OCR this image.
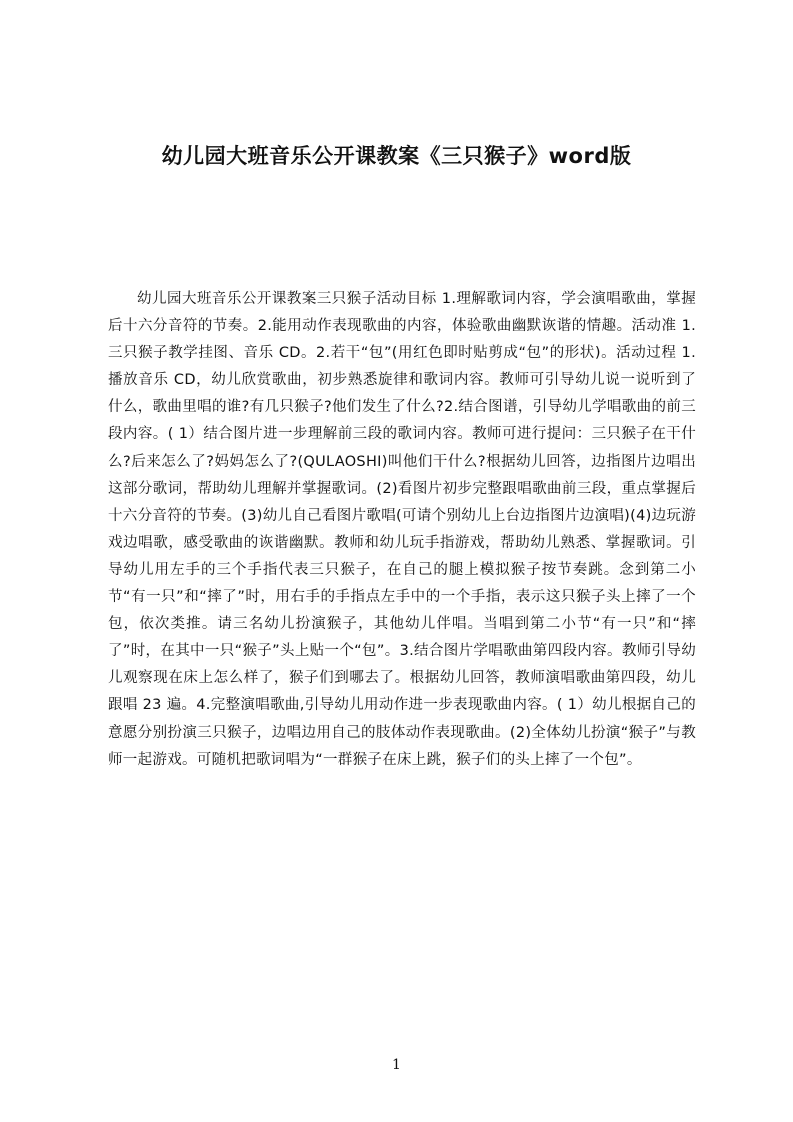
幼儿园大班音乐公开课教案《三只猴子》word版

幼儿园大班音乐公开课教案三只猴子活动目标 1.理解歌词内容，学会演唱歌曲，掌握后十六分音符的节奏。2.能用动作表现歌曲的内容，体验歌曲幽默诙谐的情趣。活动准 1.三只猴子教学挂图、音乐 CD。2.若干“包”(用红色即时贴剪成“包”的形状)。活动过程 1.播放音乐 CD，幼儿欣赏歌曲，初步熟悉旋律和歌词内容。教师可引导幼儿说一说听到了什么，歌曲里唱的谁?有几只猴子?他们发生了什么?2.结合图谱，引导幼儿学唱歌曲的前三段内容。( 1）结合图片进一步理解前三段的歌词内容。教师可进行提问：三只猴子在干什么?后来怎么了?妈妈怎么了?(QULAOSHI)叫他们干什么?根据幼儿回答，边指图片边唱出这部分歌词，帮助幼儿理解并掌握歌词。(2)看图片初步完整跟唱歌曲前三段，重点掌握后十六分音符的节奏。(3)幼儿自己看图片歌唱(可请个别幼儿上台边指图片边演唱)(4)边玩游戏边唱歌，感受歌曲的诙谐幽默。教师和幼儿玩手指游戏，帮助幼儿熟悉、掌握歌词。引导幼儿用左手的三个手指代表三只猴子，在自己的腿上模拟猴子按节奏跳。念到第二小节“有一只”和“摔了”时，用右手的手指点左手中的一个手指，表示这只猴子头上摔了一个包，依次类推。请三名幼儿扮演猴子，其他幼儿伴唱。当唱到第二小节“有一只”和“摔了”时，在其中一只“猴子”头上贴一个“包”。3.结合图片学唱歌曲第四段内容。教师引导幼儿观察现在床上怎么样了，猴子们到哪去了。根据幼儿回答，教师演唱歌曲第四段，幼儿跟唱 23 遍。4.完整演唱歌曲,引导幼儿用动作进一步表现歌曲内容。( 1）幼儿根据自己的意愿分别扮演三只猴子，边唱边用自己的肢体动作表现歌曲。(2)全体幼儿扮演“猴子”与教师一起游戏。可随机把歌词唱为“一群猴子在床上跳，猴子们的头上摔了一个包”。

1
